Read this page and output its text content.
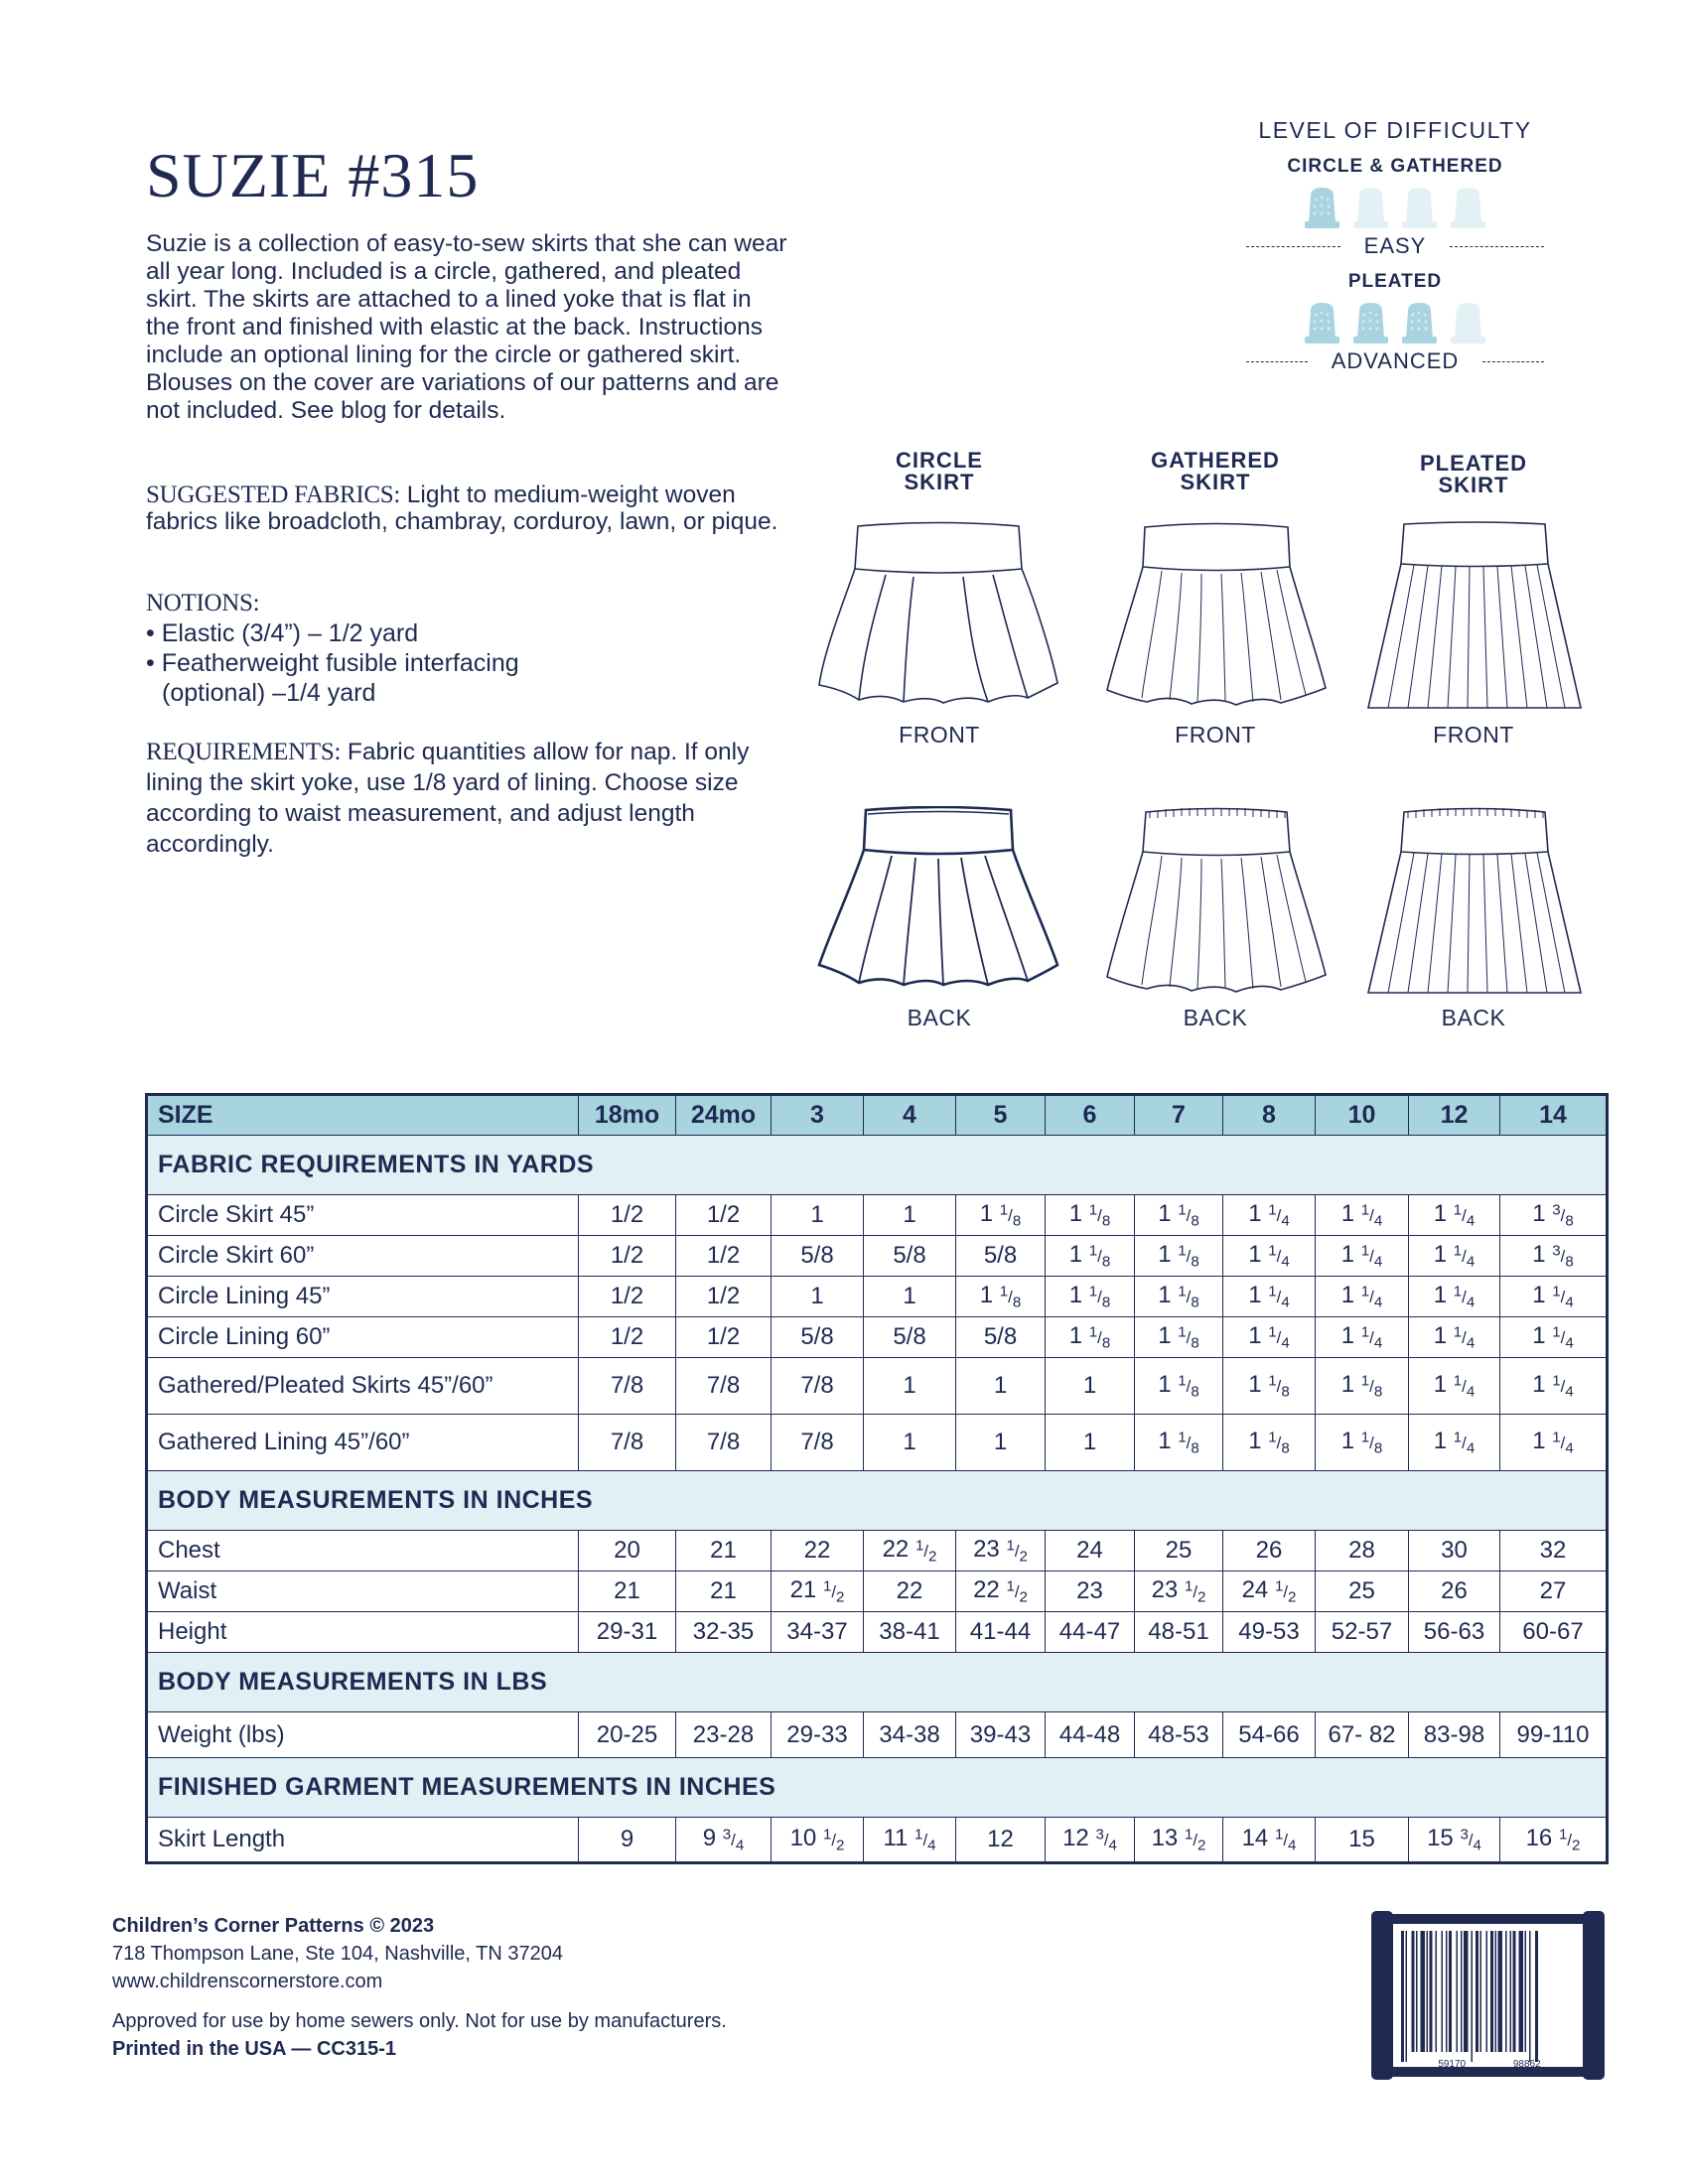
SUZIE #315

Suzie is a collection of easy-to-sew skirts that she can wear all year long. Included is a circle, gathered, and pleated skirt. The skirts are attached to a lined yoke that is flat in the front and finished with elastic at the back. Instructions include an optional lining for the circle or gathered skirt. Blouses on the cover are variations of our patterns and are not included. See blog for details.

SUGGESTED FABRICS: Light to medium-weight woven fabrics like broadcloth, chambray, corduroy, lawn, or pique.

NOTIONS:
• Elastic (3/4”) – 1/2 yard
• Featherweight fusible interfacing
(optional) –1/4 yard

REQUIREMENTS: Fabric quantities allow for nap. If only lining the skirt yoke, use 1/8 yard of lining. Choose size according to waist measurement, and adjust length accordingly.

LEVEL OF DIFFICULTY
CIRCLE & GATHERED
EASY
PLEATED
ADVANCED
CIRCLE
SKIRT
GATHERED
SKIRT
PLEATED
SKIRT
FRONT	FRONT	FRONT
BACK	BACK	BACK
SIZE	18mo	24mo	3	4	5	6	7	8	10	12	14
FABRIC REQUIREMENTS IN YARDS											
Circle Skirt 45”	1/2	1/2	1	1	1 $^1/_8$	1 $^1/_8$	1 $^1/_8$	1 $^1/_4$	1 $^1/_4$	1 $^1/_4$	1 $^3/_8$
Circle Skirt 60”	1/2	1/2	5/8	5/8	5/8	1 $^1/_8$	1 $^1/_8$	1 $^1/_4$	1 $^1/_4$	1 $^1/_4$	1 $^3/_8$
Circle Lining 45”	1/2	1/2	1	1	1 $^1/_8$	1 $^1/_8$	1 $^1/_8$	1 $^1/_4$	1 $^1/_4$	1 $^1/_4$	1 $^1/_4$
Circle Lining 60”	1/2	1/2	5/8	5/8	5/8	1 $^1/_8$	1 $^1/_8$	1 $^1/_4$	1 $^1/_4$	1 $^1/_4$	1 $^1/_4$
Gathered/Pleated Skirts 45”/60”	7/8	7/8	7/8	1	1	1	1 $^1/_8$	1 $^1/_8$	1 $^1/_8$	1 $^1/_4$	1 $^1/_4$
Gathered Lining 45”/60”	7/8	7/8	7/8	1	1	1	1 $^1/_8$	1 $^1/_8$	1 $^1/_8$	1 $^1/_4$	1 $^1/_4$
BODY MEASUREMENTS IN INCHES											
Chest	20	21	22	22 $^1/_2$	23 $^1/_2$	24	25	26	28	30	32
Waist	21	21	21 $^1/_2$	22	22 $^1/_2$	23	23 $^1/_2$	24 $^1/_2$	25	26	27
Height	29-31	32-35	34-37	38-41	41-44	44-47	48-51	49-53	52-57	56-63	60-67
BODY MEASUREMENTS IN LBS											
Weight (lbs)	20-25	23-28	29-33	34-38	39-43	44-48	48-53	54-66	67- 82	83-98	99-110
FINISHED GARMENT MEASUREMENTS IN INCHES											
Skirt Length	9	9 $^3/_4$	10 $^1/_2$	11 $^1/_4$	12	12 $^3/_4$	13 $^1/_2$	14 $^1/_4$	15	15 $^3/_4$	16 $^1/_2$
Children’s Corner Patterns © 2023
718 Thompson Lane, Ste 104, Nashville, TN 37204
www.childrenscornerstore.com
Approved for use by home sewers only. Not for use by manufacturers.
Printed in the USA — CC315-1
7	59170	98862	4
